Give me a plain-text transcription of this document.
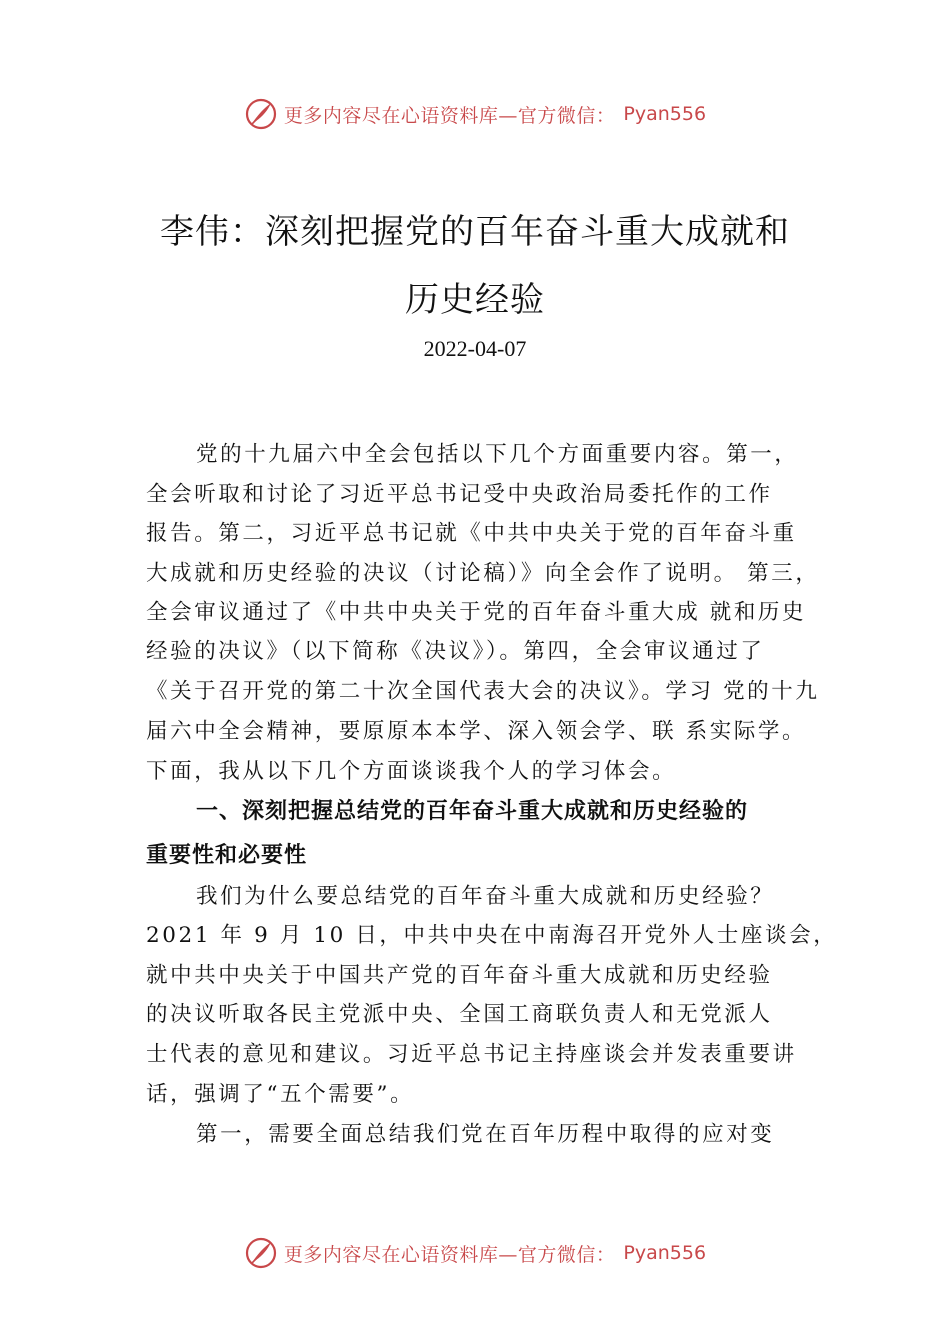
更多内容尽在心语资料库—官方微信： Pyan556
李伟：深刻把握党的百年奋斗重大成就和
历史经验
2022-04-07
党的十九届六中全会包括以下几个方面重要内容。第一，
全会听取和讨论了习近平总书记受中央政治局委托作的工作
报告。第二，习近平总书记就《中共中央关于党的百年奋斗重
大成就和历史经验的决议（讨论稿）》向全会作了说明。 第三，
全会审议通过了《中共中央关于党的百年奋斗重大成 就和历史
经验的决议》（以下简称《决议》）。第四，全会审议通过了
《关于召开党的第二十次全国代表大会的决议》。学习 党的十九
届六中全会精神，要原原本本学、深入领会学、联 系实际学。
下面，我从以下几个方面谈谈我个人的学习体会。
一、深刻把握总结党的百年奋斗重大成就和历史经验的
重要性和必要性
我们为什么要总结党的百年奋斗重大成就和历史经验？
2021 年 9 月 10 日，中共中央在中南海召开党外人士座谈会，
就中共中央关于中国共产党的百年奋斗重大成就和历史经验
的决议听取各民主党派中央、全国工商联负责人和无党派人
士代表的意见和建议。习近平总书记主持座谈会并发表重要讲
话，强调了“五个需要”。
第一，需要全面总结我们党在百年历程中取得的应对变
更多内容尽在心语资料库—官方微信： Pyan556
